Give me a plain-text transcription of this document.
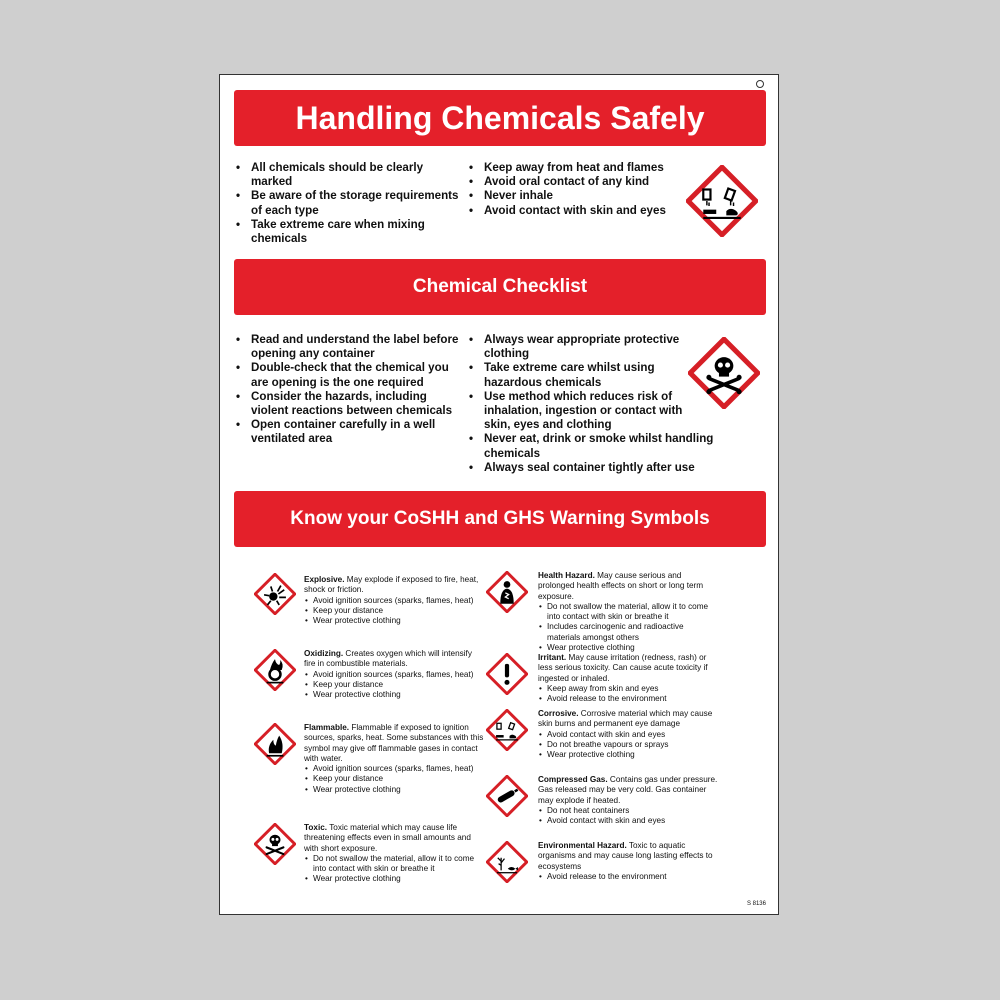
Handling Chemicals Safely
• All chemicals should be clearly marked
• Be aware of the storage requirements of each type
• Take extreme care when mixing chemicals
• Keep away from heat and flames
• Avoid oral contact of any kind
• Never inhale
• Avoid contact with skin and eyes
Chemical Checklist
• Read and understand the label before opening any container
• Double-check that the chemical you are opening is the one required
• Consider the hazards, including violent reactions between chemicals
• Open container carefully in a well ventilated area
• Always wear appropriate protective clothing
• Take extreme care whilst using hazardous chemicals
• Use method which reduces risk of inhalation, ingestion or contact with skin, eyes and clothing
• Never eat, drink or smoke whilst handling chemicals
• Always seal container tightly after use
Know your CoSHH and GHS Warning Symbols
Explosive. May explode if exposed to fire, heat, shock or friction.
• Avoid ignition sources (sparks, flames, heat)
• Keep your distance
• Wear protective clothing
Oxidizing. Creates oxygen which will intensify fire in combustible materials.
• Avoid ignition sources (sparks, flames, heat)
• Keep your distance
• Wear protective clothing
Flammable. Flammable if exposed to ignition sources, sparks, heat. Some substances with this symbol may give off flammable gases in contact with water.
• Avoid ignition sources (sparks, flames, heat)
• Keep your distance
• Wear protective clothing
Toxic. Toxic material which may cause life threatening effects even in small amounts and with short exposure.
• Do not swallow the material, allow it to come into contact with skin or breathe it
• Wear protective clothing
Health Hazard. May cause serious and prolonged health effects on short or long term exposure.
• Do not swallow the material, allow it to come into contact with skin or breathe it
• Includes carcinogenic and radioactive materials amongst others
• Wear protective clothing
Irritant. May cause irritation (redness, rash) or less serious toxicity. Can cause acute toxicity if ingested or inhaled.
• Keep away from skin and eyes
• Avoid release to the environment
Corrosive. Corrosive material which may cause skin burns and permanent eye damage
• Avoid contact with skin and eyes
• Do not breathe vapours or sprays
• Wear protective clothing
Compressed Gas. Contains gas under pressure. Gas released may be very cold. Gas container may explode if heated.
• Do not heat containers
• Avoid contact with skin and eyes
Environmental Hazard. Toxic to aquatic organisms and may cause long lasting effects to ecosystems
• Avoid release to the environment
S 8136
